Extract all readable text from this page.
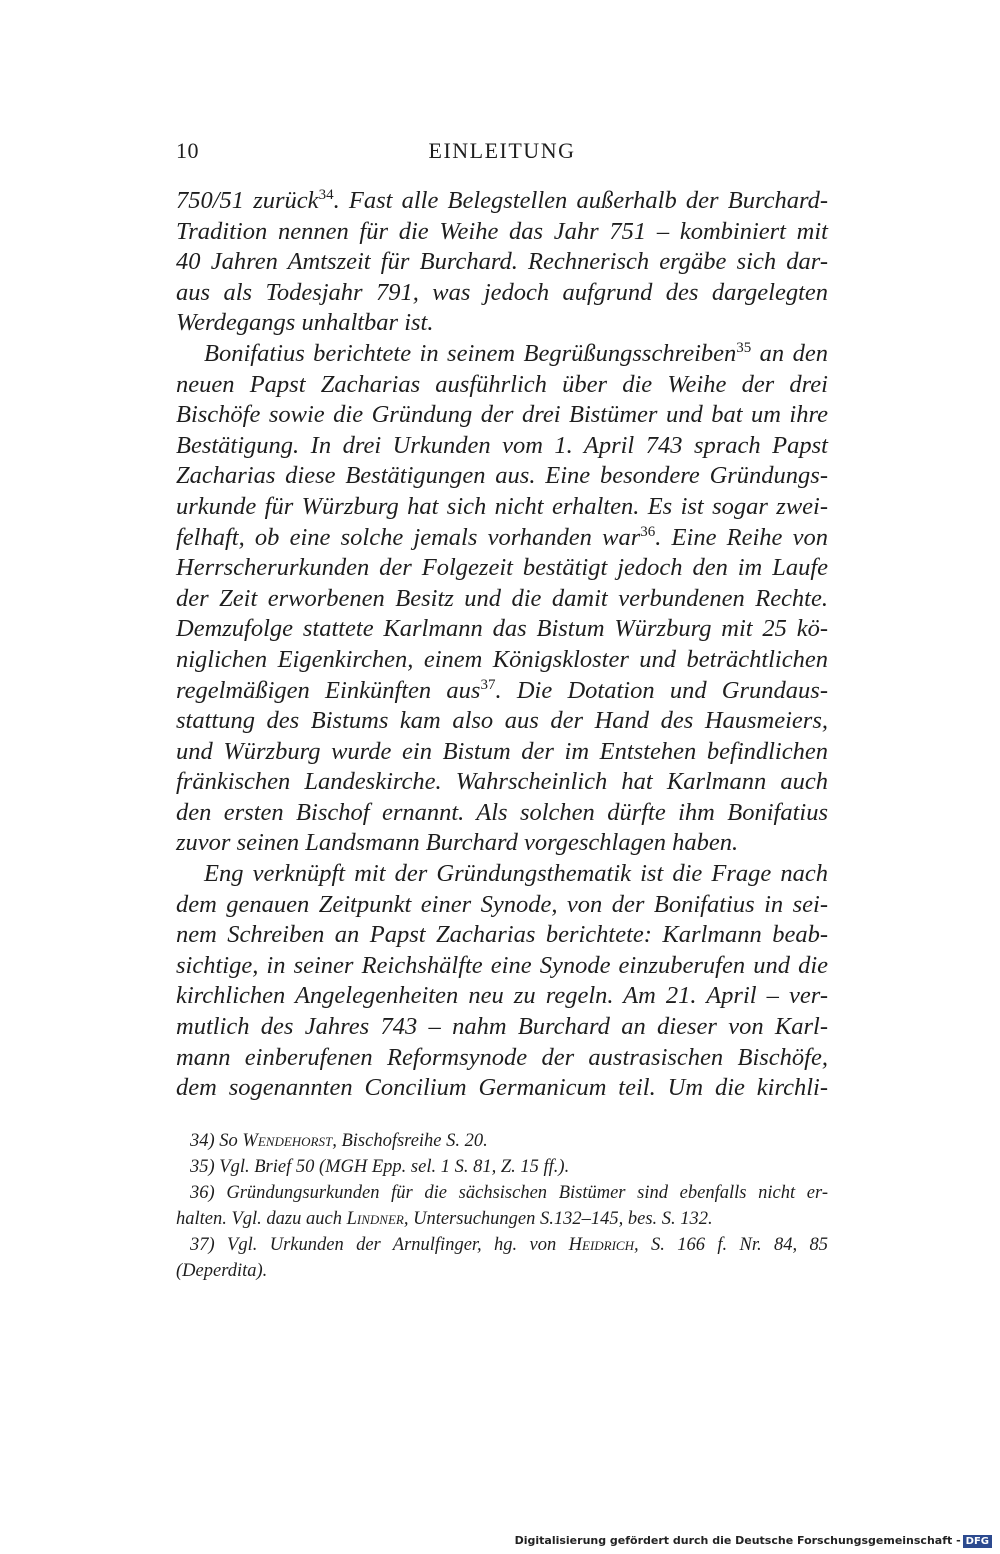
10	EINLEITUNG
750/51 zurück$^{34}$. Fast alle Belegstellen außerhalb der Burchard-
Tradition nennen für die Weihe das Jahr 751 – kombiniert mit
40 Jahren Amtszeit für Burchard. Rechnerisch ergäbe sich dar-
aus als Todesjahr 791, was jedoch aufgrund des dargelegten
Werdegangs unhaltbar ist.
Bonifatius berichtete in seinem Begrüßungsschreiben$^{35}$ an den
neuen Papst Zacharias ausführlich über die Weihe der drei
Bischöfe sowie die Gründung der drei Bistümer und bat um ihre
Bestätigung. In drei Urkunden vom 1. April 743 sprach Papst
Zacharias diese Bestätigungen aus. Eine besondere Gründungs-
urkunde für Würzburg hat sich nicht erhalten. Es ist sogar zwei-
felhaft, ob eine solche jemals vorhanden war$^{36}$. Eine Reihe von
Herrscherurkunden der Folgezeit bestätigt jedoch den im Laufe
der Zeit erworbenen Besitz und die damit verbundenen Rechte.
Demzufolge stattete Karlmann das Bistum Würzburg mit 25 kö-
niglichen Eigenkirchen, einem Königskloster und beträchtlichen
regelmäßigen Einkünften aus$^{37}$. Die Dotation und Grundaus-
stattung des Bistums kam also aus der Hand des Hausmeiers,
und Würzburg wurde ein Bistum der im Entstehen befindlichen
fränkischen Landeskirche. Wahrscheinlich hat Karlmann auch
den ersten Bischof ernannt. Als solchen dürfte ihm Bonifatius
zuvor seinen Landsmann Burchard vorgeschlagen haben.
Eng verknüpft mit der Gründungsthematik ist die Frage nach
dem genauen Zeitpunkt einer Synode, von der Bonifatius in sei-
nem Schreiben an Papst Zacharias berichtete: Karlmann beab-
sichtige, in seiner Reichshälfte eine Synode einzuberufen und die
kirchlichen Angelegenheiten neu zu regeln. Am 21. April – ver-
mutlich des Jahres 743 – nahm Burchard an dieser von Karl-
mann einberufenen Reformsynode der austrasischen Bischöfe,
dem sogenannten Concilium Germanicum teil. Um die kirchli-
34) So Wendehorst, Bischofsreihe S. 20.
35) Vgl. Brief 50 (MGH Epp. sel. 1 S. 81, Z. 15 ff.).
36) Gründungsurkunden für die sächsischen Bistümer sind ebenfalls nicht er-
halten. Vgl. dazu auch Lindner, Untersuchungen S.132–145, bes. S. 132.
37) Vgl. Urkunden der Arnulfinger, hg. von Heidrich, S. 166 f. Nr. 84, 85
(Deperdita).
Digitalisierung gefördert durch die Deutsche Forschungsgemeinschaft - DFG
